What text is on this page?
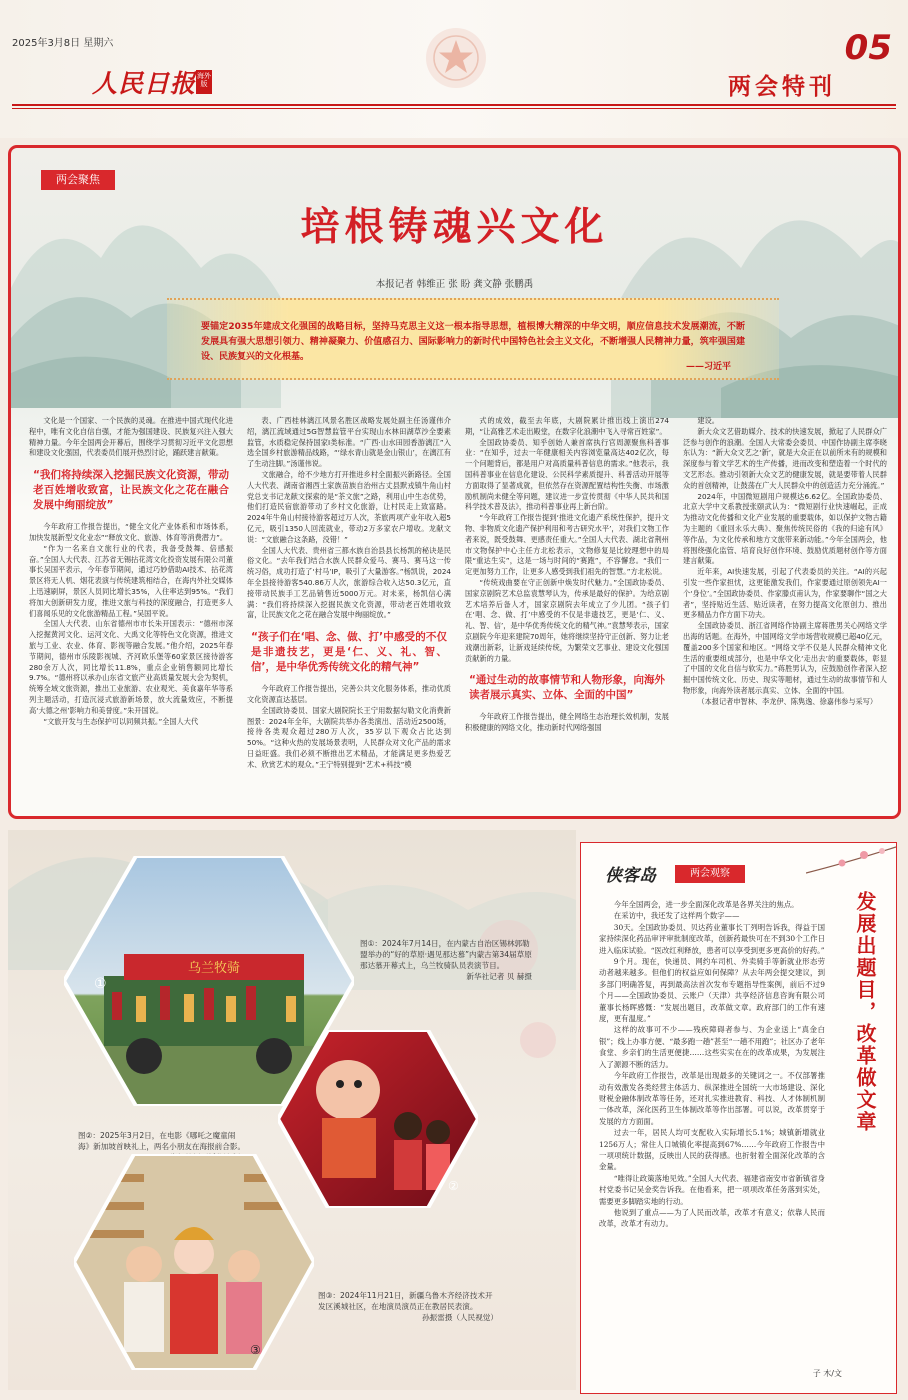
2025年3月8日 星期六
人民日报 海外版
05
两会特刊
两会聚焦
培根铸魂兴文化
本报记者 韩维正 张 盼 龚文静 张鹏禹

要锚定2035年建成文化强国的战略目标，坚持马克思主义这一根本指导思想，植根博大精深的中华文明，顺应信息技术发展潮流，不断发展具有强大思想引领力、精神凝聚力、价值感召力、国际影响力的新时代中国特色社会主义文化，不断增强人民精神力量，筑牢强国建设、民族复兴的文化根基。

——习近平

文化是一个国家、一个民族的灵魂。在推进中国式现代化进程中，唯有文化自信自强，才能为强国建设、民族复兴注入强大精神力量。今年全国两会开幕后，围绕学习贯彻习近平文化思想和建设文化强国，代表委员们展开热烈讨论，踊跃建言献策。

“我们将持续深入挖掘民族文化资源，带动老百姓增收致富，让民族文化之花在融合发展中绚丽绽放”

今年政府工作报告提出，“健全文化产业体系和市场体系，加快发展新型文化业态”“释放文化、旅游、体育等消费潜力”。

“作为一名来自文旅行业的代表，我备受鼓舞、倍感振奋。”全国人大代表、江苏省无锡拈花湾文化投资发展有限公司董事长吴国平表示，今年春节期间，通过巧妙借助AI技术、拈花湾景区将无人机、烟花表演与传统建筑相结合，在海内外社交媒体上迅速刷屏，景区人员同比增长35%，入住率达到95%。“我们将加大创新研发力度，推进文旅与科技的深度融合，打造更多人们喜闻乐见的文化旅游精品工程。”吴国平说。

全国人大代表、山东省德州市市长朱开国表示：“德州市深入挖掘黄河文化、运河文化、大禹文化等特色文化资源，推进文旅与工业、农业、体育、影视等融合发展。”他介绍，2025年春节期间，德州市乐陵影视城、齐河欧乐堡等60家景区接待游客280余万人次，同比增长11.8%，重点企业销售额同比增长9.7%。“德州将以承办山东省文旅产业高质量发展大会为契机，统筹全域文旅资源，推出工业旅游、农业观光、美食嘉年华等系列主题活动，打造沉浸式旅游新场景，放大流量效应，不断提高‘大德之州’影响力和美誉度。”朱开国说。

“文旅开发与生态保护可以同频共振。”全国人大代

表、广西桂林漓江风景名胜区战略发展处副主任汤谨伟介绍，漓江流域通过5G智慧监管平台实现山水林田湖草沙全要素监管，水质稳定保持国家Ⅰ类标准。“广西·山水田园香游漓江”入选全国乡村旅游精品线路，“‘绿水青山就是金山银山’，在漓江有了生动注脚。”汤谨伟说。

文旅融合，给不少地方打开推进乡村全面振兴新路径。全国人大代表、湖南省湘西土家族苗族自治州古丈县默戎镇牛角山村党总支书记龙献文探索的是“茶文旅”之路，利用山中生态优势，他们打造民宿旅游带动了乡村文化旅游，让村民走上致富路。2024年牛角山村接待游客超过万人次，茶旅两项产业年收入超5亿元，吸引1350人回流就业，带动2万多家农户增收。龙献文说：“文旅融合这条路，没错！”

全国人大代表、贵州省三都水族自治县县长杨凯的秘诀是民俗文化。“去年我们结合水族人民群众爱马、赛马、赛马这一传统习俗，成功打造了‘村马’IP，吸引了大量游客。”杨凯说，2024年全县接待游客540.86万人次，旅游综合收入达50.3亿元，直接带动民族手工艺品销售近5000万元。对未来，杨凯信心满满：“我们将持续深入挖掘民族文化资源，带动老百姓增收致富，让民族文化之花在融合发展中绚丽绽放。”

“孩子们在‘唱、念、做、打’中感受的不仅是非遗技艺，更是‘仁、义、礼、智、信’，是中华优秀传统文化的精气神”

今年政府工作报告提出，完善公共文化服务体系，推动优质文化资源直达基层。

全国政协委员、国家大剧院院长王宁用数据勾勒文化消费新图景：2024年全年，大剧院共举办各类演出、活动近2500场，接待各类观众超过280万人次，35岁以下观众占比达到50%。“这种火热的发展场景表明，人民群众对文化产品的需求日益旺盛。我们必须不断推出艺术精品，才能满足更多热爱艺术、欣赏艺术的观众。”王宁特别提到“艺术+科技”模

式的成效，截至去年底，大剧院累计推出线上演出274期，“让高雅艺术走出殿堂，在数字化浪潮中飞入寻常百姓家”。

全国政协委员、知乎创始人兼首席执行官周源聚焦科普事业：“在知乎，过去一年健康相关内容浏览量高达402亿次，每一个问题背后，都是用户对高质量科普信息的需求。”他表示，我国科普事业在信息化建设、公民科学素质提升、科普活动开展等方面取得了显著成就，但依然存在资源配置结构性失衡、市场激励机制尚未健全等问题，建议进一步宣传贯彻《中华人民共和国科学技术普及法》，推动科普事业再上新台阶。

“今年政府工作报告提到‘推进文化遗产系统性保护，提升文物、非物质文化遗产保护利用和考古研究水平’，对我们文物工作者来说，既受鼓舞、更感责任重大。”全国人大代表、湖北省荆州市文物保护中心主任方北松表示，文物修复是比较理想中的局限“重达生实”，这是一场与时间的“赛跑”，不容懈怠。“我们一定更加努力工作，让更多人感受到我们祖先的智慧。”方北松说。

“传统戏曲要在守正创新中焕发时代魅力。”全国政协委员、国家京剧院艺术总监袁慧琴认为，传承是最好的保护。为给京剧艺术培养后备人才，国家京剧院去年成立了少儿团。“孩子们在‘唱、念、做、打’中感受的不仅是非遗技艺，更是‘仁、义、礼、智、信’，是中华优秀传统文化的精气神。”袁慧琴表示，国家京剧院今年迎来建院70周年，她将继续坚持守正创新、努力让老戏潮出新彩，让新戏延续传统，为繁荣文艺事业、建设文化强国贡献新的力量。

“通过生动的故事情节和人物形象，向海外读者展示真实、立体、全面的中国”

今年政府工作报告提出，健全网络生态治理长效机制，发展积极健康的网络文化，推动新时代网络强国

建设。

新大众文艺借助媒介、技术的快速发展，掀起了人民群众广泛参与创作的浪潮。全国人大常委会委员、中国作协副主席李晓东认为：“新大众文艺之‘新’，就是大众正在以前所未有的规模和深度参与着文学艺术的生产传播，进而改变和塑造着一个时代的文艺形态。推动引领新大众文艺的健康发展，就是要带着人民群众的首创精神，让鼓荡在广大人民群众中的创造活力充分涌流。”

2024年，中国微短剧用户规模达6.62亿。全国政协委员、北京大学中文系教授张颐武认为：“微短剧行业快速崛起，正成为推动文化传播和文化产业发展的重要载体，如以保护文物古籍为主题的《重回永乐大典》、聚焦传统民俗的《我的归途有风》等作品，为文化传承和地方文旅带来新动能。”今年全国两会，他将围绕强化监管、培育良好创作环境、鼓励优质题材创作等方面建言献策。

近年来，AI快速发展，引起了代表委员的关注。“AI的兴起引发一些作家担忧，这更能激发我们，作家要通过原创领先AI一个‘身位’。”全国政协委员、作家滕贞甫认为，作家要聊作“国之大者”，坚持贴近生活、贴近读者，在努力提高文化原创力、推出更多精品力作方面下功夫。

全国政协委员、浙江省网络作协副主席蒋胜男关心网络文学出海的话题。在海外，中国网络文学市场营收规模已超40亿元，覆盖200多个国家和地区。“网络文学不仅是人民群众精神文化生活的重要组成部分，也是中华文化‘走出去’的重要载体，彰显了中国的文化自信与软实力。”蒋胜男认为，应鼓励创作者深入挖掘中国传统文化、历史、现实等题材，通过生动的故事情节和人物形象，向海外读者展示真实、立体、全面的中国。

（本报记者申智林、李龙伊、陈隽逸、徐嘉伟参与采写）

乌兰牧骑
①
图①：2024年7月14日，在内蒙古自治区锡林郭勒盟举办的“好的草原·遇见那达慕”内蒙古第34届草原那达慕开幕式上，乌兰牧骑队员表演节目。
新华社记者 贝 赫摄
②
图②：2025年3月2日，在电影《哪吒之魔童闹海》新加坡首映礼上，两名小朋友在海报前合影。
③
图③：2024年11月21日，新疆乌鲁木齐经济技术开发区溪城社区，在地演员演员正在教居民表演。
孙振雷摄（人民视觉）
侠客岛	两会观察
发展出题目，改革做文章

今年全国两会，进一步全面深化改革是各界关注的焦点。

在采访中，我还发了这样两个数字——

30天。全国政协委员、贝达药业董事长丁列明告诉我，得益于国家持续深化药品审评审批制度改革，创新药最快可在不到30个工作日进入临床试验。“医改红利释放，患者可以享受到更多更高价的好药。”

9个月。现在，快递员、网约车司机、外卖骑手等新就业形态劳动者越来越多。但他们的权益应如何保障？从去年两会提交建议，到多部门明确答复，再到最高法首次发布专题指导性案例，前后不过9个月——全国政协委员、云账户（天津）共享经济信息咨询有限公司董事长杨晖感慨：“发展出题目，改革做文章。政府部门的工作有速度，更有温度。”

这样的故事可不少——残疾障碍者参与、为企业送上“真金白银”；线上办事方便、“最多跑一趟”甚至“一趟不用跑”；社区办了老年食堂、乡亲们的生活更便捷……这些实实在在的改革成果，为发展注入了源源不断的活力。

今年政府工作报告，改革是出现最多的关键词之一。不仅部署推动有效激发各类经营主体活力、纵深推进全国统一大市场建设、深化财税金融体制改革等任务，还对扎实推进教育、科技、人才体制机制一体改革，深化医药卫生体制改革等作出部署。可以说，改革贯穿于发展的方方面面。

过去一年，居民人均可支配收入实际增长5.1%；城镇新增就业1256万人；常住人口城镇化率提高到67%……今年政府工作报告中一项项统计数据，反映出人民的获得感。也折射着全面深化改革的含金量。

“唯得让政策落地见效。”全国人大代表、福建省南安市省新镇省身村党委书记吴金奖告诉我。在他看来，把一项项改革任务落到实处，需要更多脚踏实地的行动。

他说到了重点——为了人民而改革，改革才有意义；依靠人民而改革，改革才有动力。

子 木/文
